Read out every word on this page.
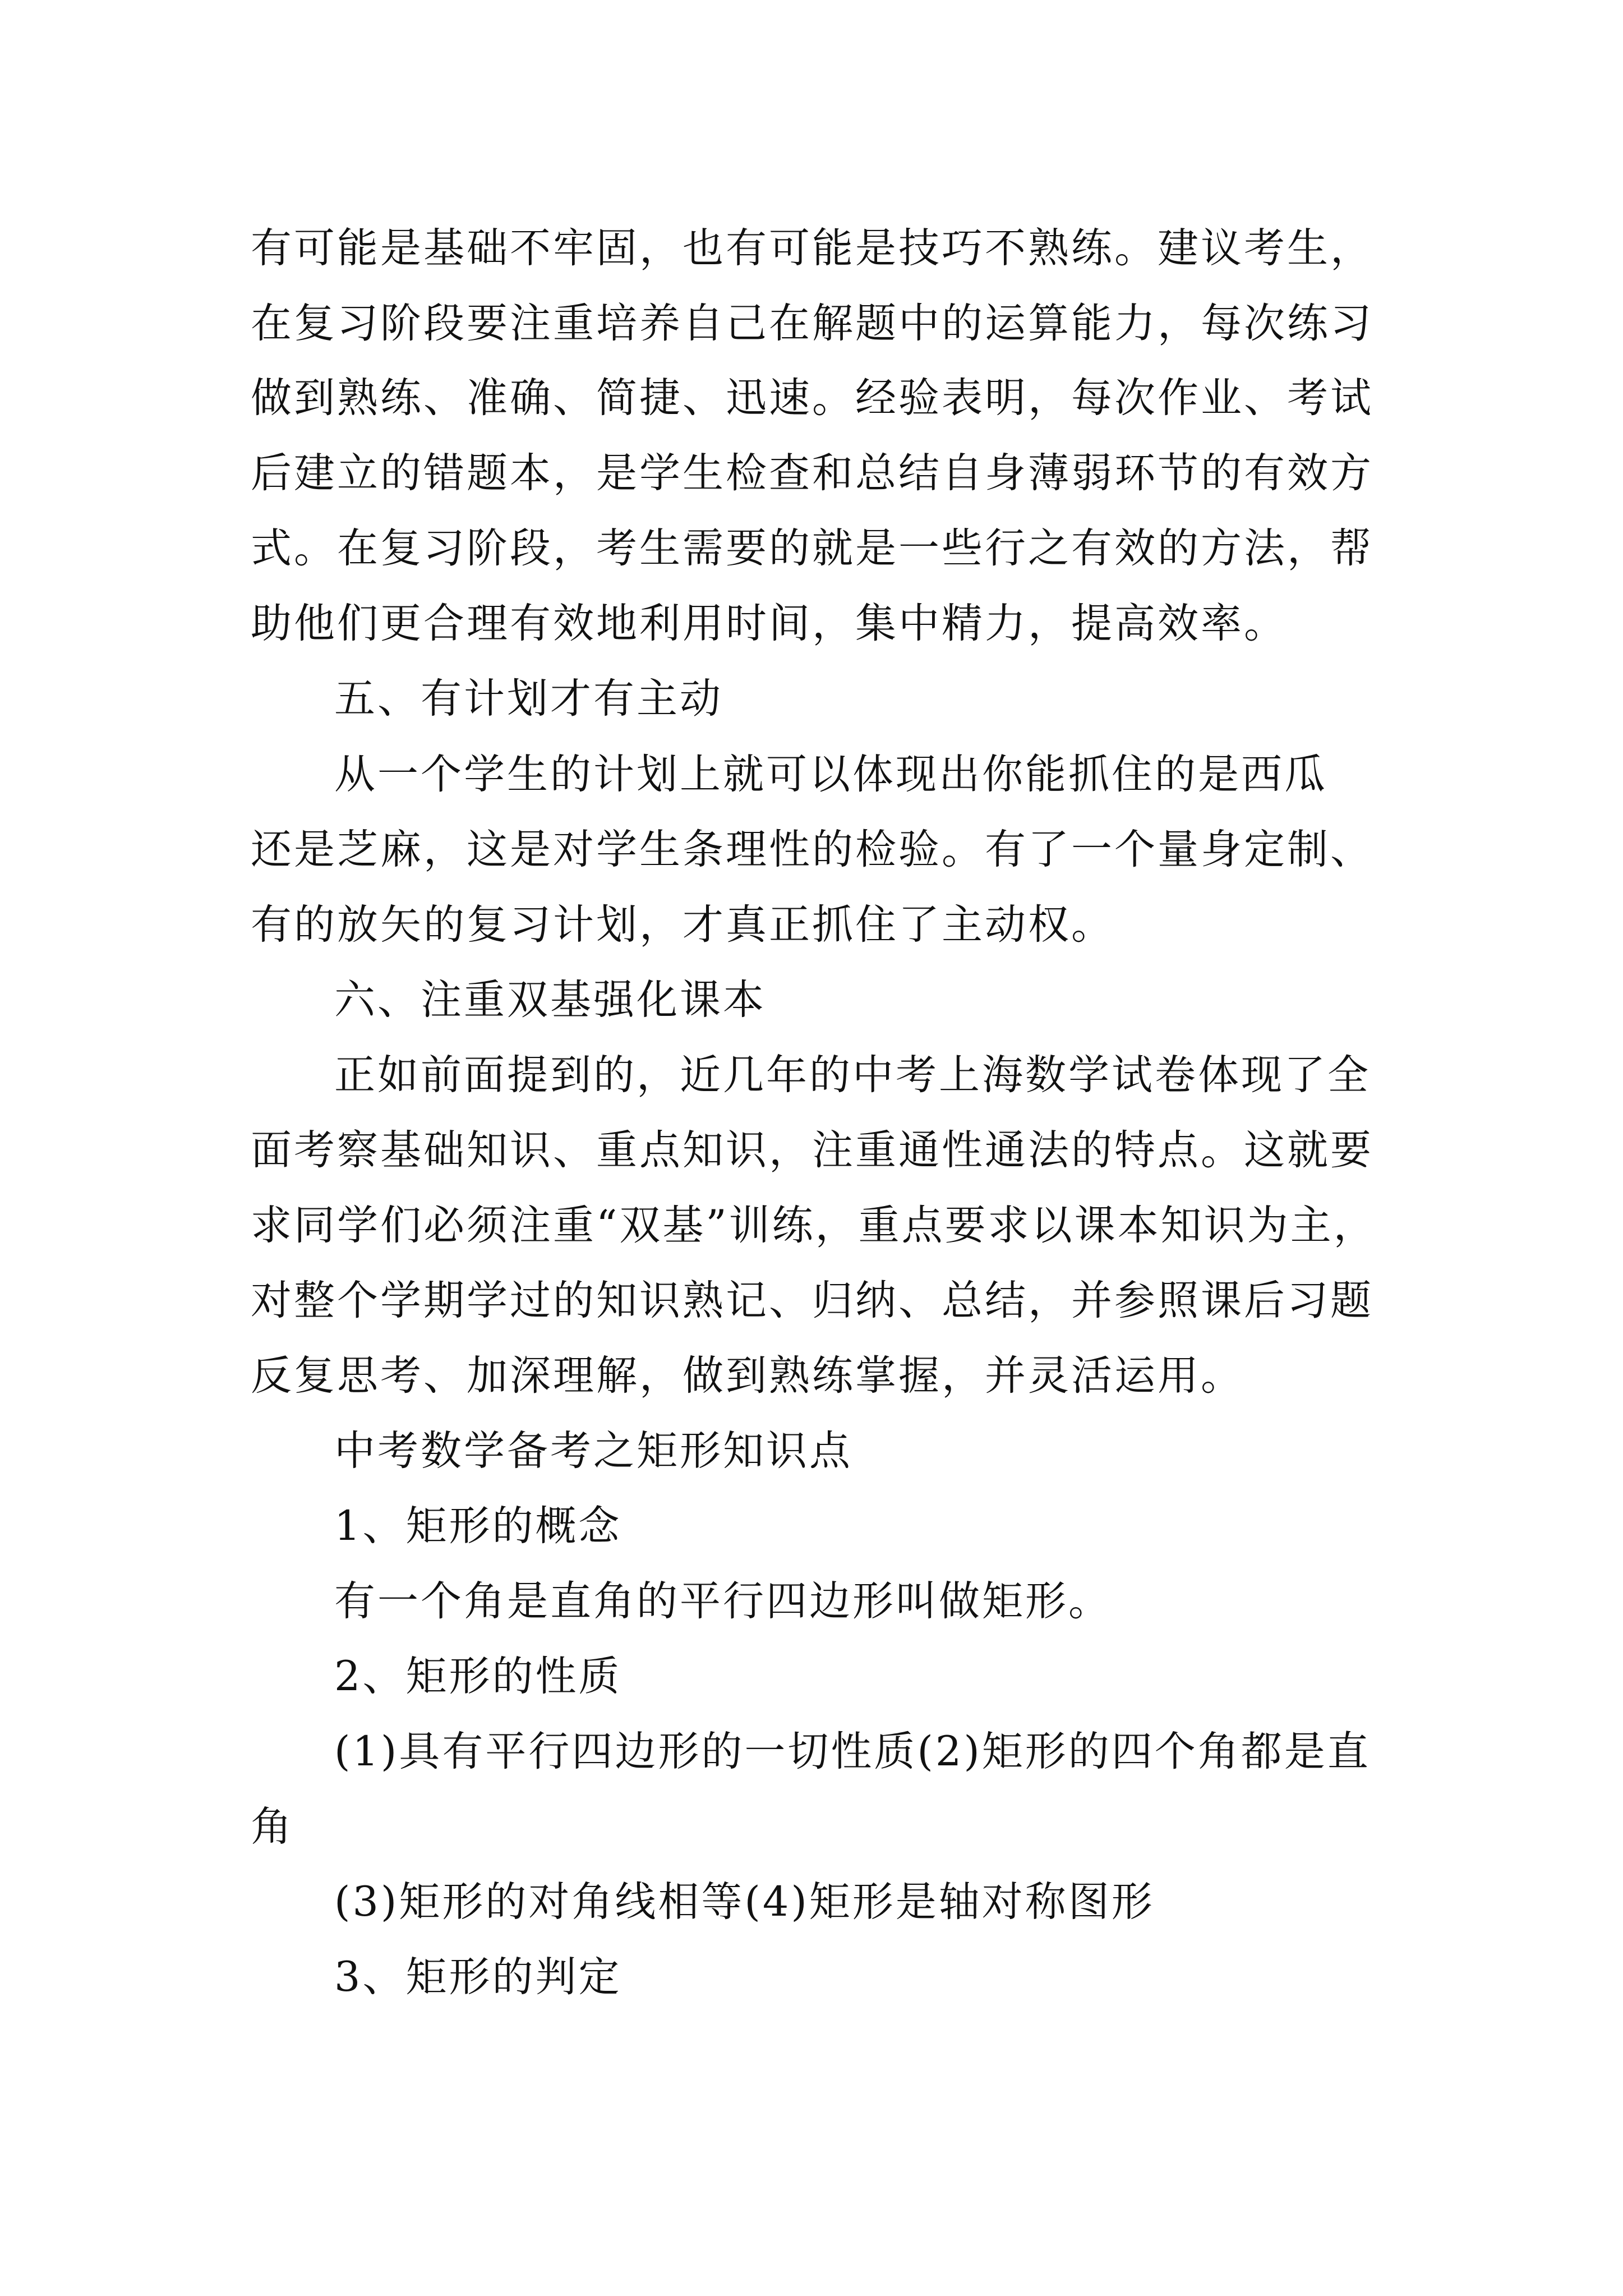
有可能是基础不牢固，也有可能是技巧不熟练。建议考生，
在复习阶段要注重培养自己在解题中的运算能力，每次练习
做到熟练、准确、简捷、迅速。经验表明，每次作业、考试
后建立的错题本，是学生检查和总结自身薄弱环节的有效方
式。在复习阶段，考生需要的就是一些行之有效的方法，帮
助他们更合理有效地利用时间，集中精力，提高效率。
五、有计划才有主动
从一个学生的计划上就可以体现出你能抓住的是西瓜
还是芝麻，这是对学生条理性的检验。有了一个量身定制、
有的放矢的复习计划，才真正抓住了主动权。
六、注重双基强化课本
正如前面提到的，近几年的中考上海数学试卷体现了全
面考察基础知识、重点知识，注重通性通法的特点。这就要
求同学们必须注重“双基”训练，重点要求以课本知识为主，
对整个学期学过的知识熟记、归纳、总结，并参照课后习题
反复思考、加深理解，做到熟练掌握，并灵活运用。
中考数学备考之矩形知识点
1、矩形的概念
有一个角是直角的平行四边形叫做矩形。
2、矩形的性质
(1)具有平行四边形的一切性质(2)矩形的四个角都是直
角
(3)矩形的对角线相等(4)矩形是轴对称图形
3、矩形的判定
